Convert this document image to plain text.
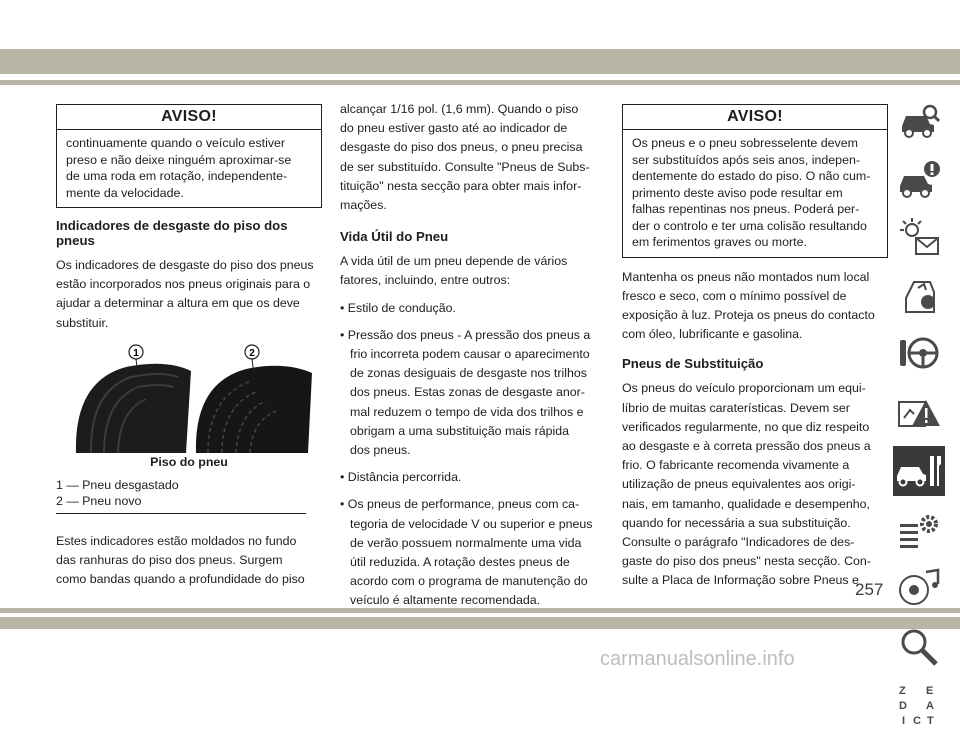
AVISO!
continuamente quando o veículo estiver
preso e não deixe ninguém aproximar-se
de uma roda em rotação, independente-
mente da velocidade.
Indicadores de desgaste do piso dos pneus
Os indicadores de desgaste do piso dos pneus
estão incorporados nos pneus originais para o
ajudar a determinar a altura em que os deve
substituir.
1	2
Piso do pneu
1 — Pneu desgastado
2 — Pneu novo
Estes indicadores estão moldados no fundo
das ranhuras do piso dos pneus. Surgem
como bandas quando a profundidade do piso
alcançar 1/16 pol. (1,6 mm). Quando o piso
do pneu estiver gasto até ao indicador de
desgaste do piso dos pneus, o pneu precisa
de ser substituído. Consulte "Pneus de Subs-
tituição" nesta secção para obter mais infor-
mações.
Vida Útil do Pneu
A vida útil de um pneu depende de vários
fatores, incluindo, entre outros:
• Estilo de condução.
• Pressão dos pneus - A pressão dos pneus a
frio incorreta podem causar o aparecimento
de zonas desiguais de desgaste nos trilhos
dos pneus. Estas zonas de desgaste anor-
mal reduzem o tempo de vida dos trilhos e
obrigam a uma substituição mais rápida
dos pneus.
• Distância percorrida.
• Os pneus de performance, pneus com ca-
tegoria de velocidade V ou superior e pneus
de verão possuem normalmente uma vida
útil reduzida. A rotação destes pneus de
acordo com o programa de manutenção do
veículo é altamente recomendada.
AVISO!
Os pneus e o pneu sobresselente devem
ser substituídos após seis anos, indepen-
dentemente do estado do piso. O não cum-
primento deste aviso pode resultar em
falhas repentinas nos pneus. Poderá per-
der o controlo e ter uma colisão resultando
em ferimentos graves ou morte.
Mantenha os pneus não montados num local
fresco e seco, com o mínimo possível de
exposição à luz. Proteja os pneus do contacto
com óleo, lubrificante e gasolina.
Pneus de Substituição
Os pneus do veículo proporcionam um equi-
líbrio de muitas caraterísticas. Devem ser
verificados regularmente, no que diz respeito
ao desgaste e à correta pressão dos pneus a
frio. O fabricante recomenda vivamente a
utilização de pneus equivalentes aos origi-
nais, em tamanho, qualidade e desempenho,
quando for necessária a sua substituição.
Consulte o parágrafo "Indicadores de des-
gaste do piso dos pneus" nesta secção. Con-
sulte a Placa de Informação sobre Pneus e

Z E
A
D
I C T
257
carmanualsonline.info
